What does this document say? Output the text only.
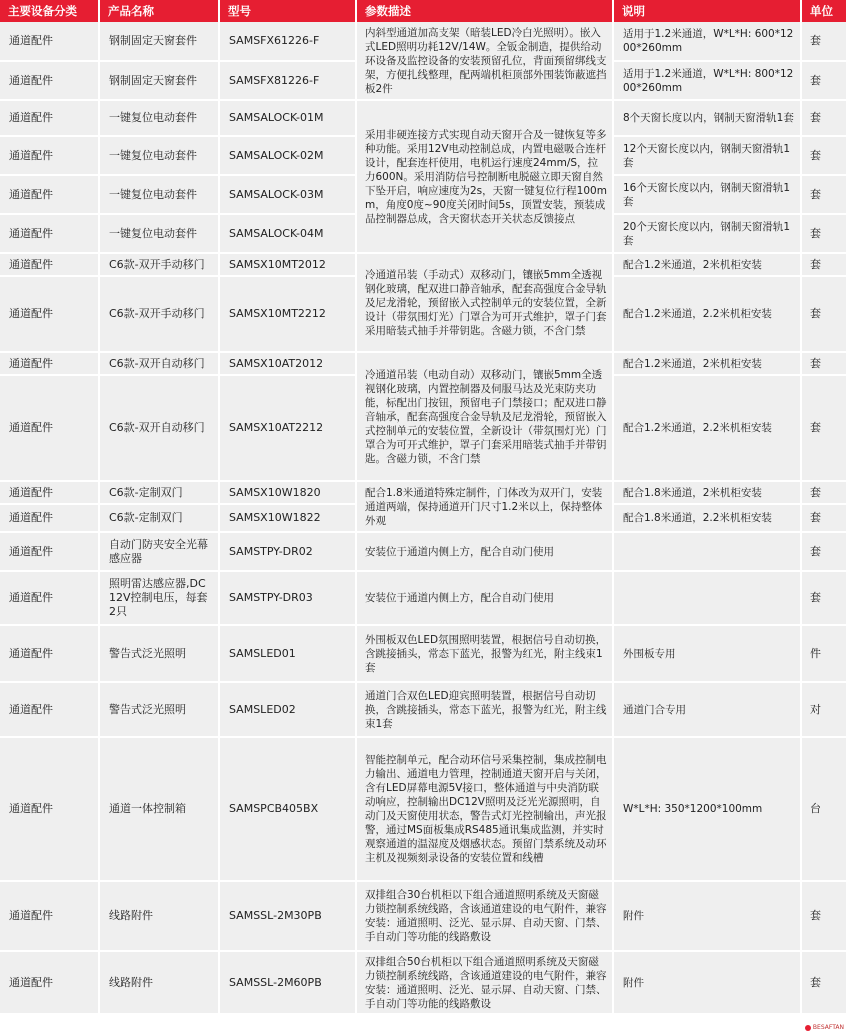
主要设备分类	产品名称	型号	参数描述	说明	单位
通道配件	钢制固定天窗套件	SAMSFX61226-F	内斜型通道加高支架（暗装LED冷白光照明）。嵌入式LED照明功耗12V/14W。全钣金制造，提供给动环设备及监控设备的安装预留孔位，背面预留绑线支架，方便扎线整理，配两端机柜顶部外围装饰蔽遮挡板2件	适用于1.2米通道，W*L*H: 600*1200*260mm	套
通道配件	钢制固定天窗套件	SAMSFX81226-F		适用于1.2米通道，W*L*H: 800*1200*260mm	套
通道配件	一键复位电动套件	SAMSALOCK-01M	采用非硬连接方式实现自动天窗开合及一键恢复等多种功能。采用12V电动控制总成，内置电磁吸合连杆设计，配套连杆使用，电机运行速度24mm/S，拉力600N。采用消防信号控制断电脱磁立即天窗自然下坠开启，响应速度为2s，天窗一键复位行程100mm，角度0度~90度关闭时间5s，顶置安装，预装成品控制器总成，含天窗状态开关状态反馈接点	8个天窗长度以内，钢制天窗滑轨1套	套
通道配件	一键复位电动套件	SAMSALOCK-02M		12个天窗长度以内，钢制天窗滑轨1套	套
通道配件	一键复位电动套件	SAMSALOCK-03M		16个天窗长度以内，钢制天窗滑轨1套	套
通道配件	一键复位电动套件	SAMSALOCK-04M		20个天窗长度以内，钢制天窗滑轨1套	套
通道配件	C6款-双开手动移门	SAMSX10MT2012	冷通道吊装（手动式）双移动门，镶嵌5mm全透视钢化玻璃，配双进口静音轴承，配套高强度合金导轨及尼龙滑轮，预留嵌入式控制单元的安装位置，全新设计（带氛围灯光）门罩合为可开式维护，罩子门套采用暗装式抽手并带钥匙。含磁力锁，不含门禁	配合1.2米通道，2米机柜安装	套
通道配件	C6款-双开手动移门	SAMSX10MT2212		配合1.2米通道，2.2米机柜安装	套
通道配件	C6款-双开自动移门	SAMSX10AT2012	冷通道吊装（电动自动）双移动门，镶嵌5mm全透视钢化玻璃，内置控制器及伺服马达及光束防夹功能，标配出门按钮，预留电子门禁接口；配双进口静音轴承，配套高强度合金导轨及尼龙滑轮，预留嵌入式控制单元的安装位置，全新设计（带氛围灯光）门罩合为可开式维护，罩子门套采用暗装式抽手并带钥匙。含磁力锁，不含门禁	配合1.2米通道，2米机柜安装	套
通道配件	C6款-双开自动移门	SAMSX10AT2212		配合1.2米通道，2.2米机柜安装	套
通道配件	C6款-定制双门	SAMSX10W1820	配合1.8米通道特殊定制件，门体改为双开门，安装通道两端，保持通道开门尺寸1.2米以上，保持整体外观	配合1.8米通道，2米机柜安装	套
通道配件	C6款-定制双门	SAMSX10W1822		配合1.8米通道，2.2米机柜安装	套
通道配件	自动门防夹安全光幕感应器	SAMSTPY-DR02	安装位于通道内侧上方，配合自动门使用		套
通道配件	照明雷达感应器,DC12V控制电压，每套2只	SAMSTPY-DR03	安装位于通道内侧上方，配合自动门使用		套
通道配件	警告式泛光照明	SAMSLED01	外围板双色LED氛围照明装置，根据信号自动切换，含跳接插头，常态下蓝光，报警为红光，附主线束1套	外围板专用	件
通道配件	警告式泛光照明	SAMSLED02	通道门合双色LED迎宾照明装置，根据信号自动切换，含跳接插头，常态下蓝光，报警为红光，附主线束1套	通道门合专用	对
通道配件	通道一体控制箱	SAMSPCB405BX	智能控制单元，配合动环信号采集控制，集成控制电力输出、通道电力管理，控制通道天窗开启与关闭，含有LED屏幕电源5V接口，整体通道与中央消防联动响应，控制输出DC12V照明及泛光光源照明，自动门及天窗使用状态，警告式灯光控制输出，声光报警，通过MS面板集成RS485通讯集成监测，并实时观察通道的温湿度及烟感状态。预留门禁系统及动环主机及视频刻录设备的安装位置和线槽	W*L*H: 350*1200*100mm	台
通道配件	线路附件	SAMSSL-2M30PB	双排组合30台机柜以下组合通道照明系统及天窗磁力锁控制系统线路，含该通道建设的电气附件，兼容安装：通道照明、泛光、显示屏、自动天窗、门禁、手自动门等功能的线路敷设	附件	套
通道配件	线路附件	SAMSSL-2M60PB	双排组合50台机柜以下组合通道照明系统及天窗磁力锁控制系统线路，含该通道建设的电气附件，兼容安装：通道照明、泛光、显示屏、自动天窗、门禁、手自动门等功能的线路敷设	附件	套
BESAFTAN
